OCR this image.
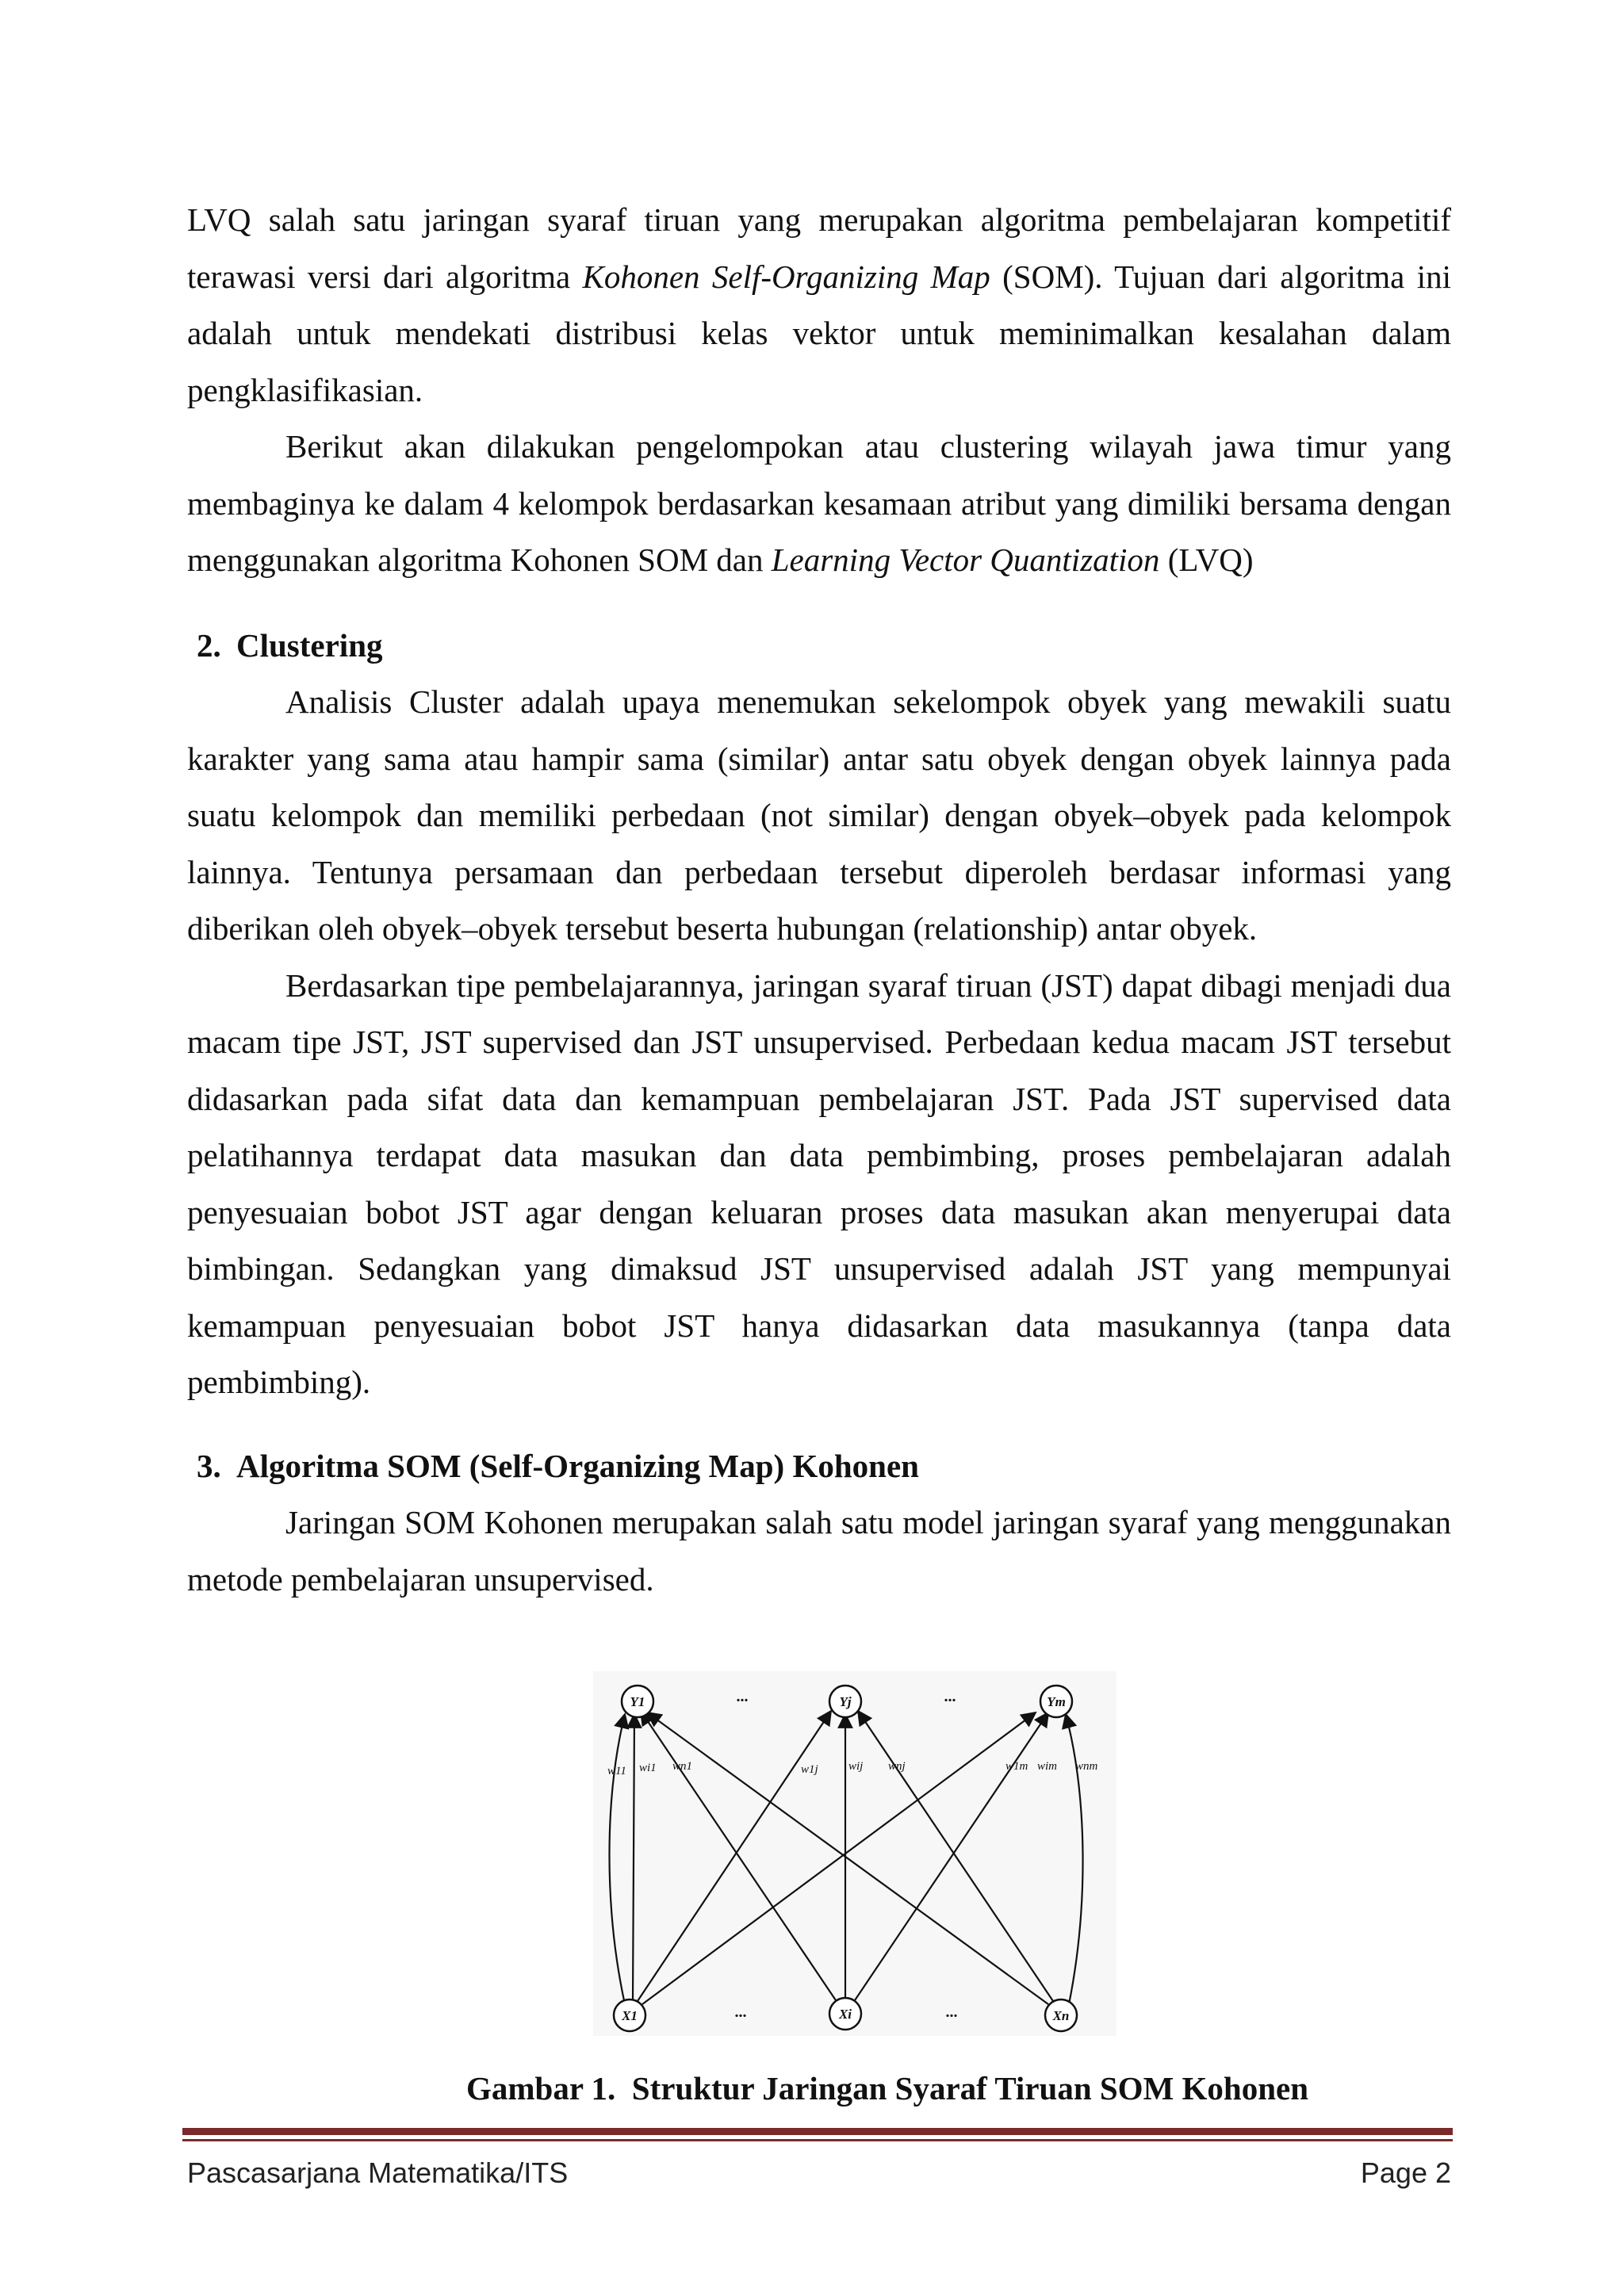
LVQ salah satu jaringan syaraf tiruan yang merupakan algoritma pembelajaran kompetitif terawasi versi dari algoritma Kohonen Self-Organizing Map (SOM). Tujuan dari algoritma ini adalah untuk mendekati distribusi kelas vektor untuk meminimalkan kesalahan dalam pengklasifikasian.

Berikut akan dilakukan pengelompokan atau clustering wilayah jawa timur yang membaginya ke dalam 4 kelompok berdasarkan kesamaan atribut yang dimiliki bersama dengan menggunakan algoritma Kohonen SOM dan Learning Vector Quantization (LVQ)

2. Clustering

Analisis Cluster adalah upaya menemukan sekelompok obyek yang mewakili suatu karakter yang sama atau hampir sama (similar) antar satu obyek dengan obyek lainnya pada suatu kelompok dan memiliki perbedaan (not similar) dengan obyek–obyek pada kelompok lainnya. Tentunya persamaan dan perbedaan tersebut diperoleh berdasar informasi yang diberikan oleh obyek–obyek tersebut beserta hubungan (relationship) antar obyek.

Berdasarkan tipe pembelajarannya, jaringan syaraf tiruan (JST) dapat dibagi menjadi dua macam tipe JST, JST supervised dan JST unsupervised. Perbedaan kedua macam JST tersebut didasarkan pada sifat data dan kemampuan pembelajaran JST. Pada JST supervised data pelatihannya terdapat data masukan dan data pembimbing, proses pembelajaran adalah penyesuaian bobot JST agar dengan keluaran proses data masukan akan menyerupai data bimbingan. Sedangkan yang dimaksud JST unsupervised adalah JST yang mempunyai kemampuan penyesuaian bobot JST hanya didasarkan data masukannya (tanpa data pembimbing).

3. Algoritma SOM (Self-Organizing Map) Kohonen

Jaringan SOM Kohonen merupakan salah satu model jaringan syaraf yang menggunakan metode pembelajaran unsupervised.

w11 wi1 wn1	w1j	wij wnj	w1m wim wnm
Y1	Yj	Ym
X1	Xi	Xn
...	...
...	...
Gambar 1.  Struktur Jaringan Syaraf Tiruan SOM Kohonen
Pascasarjana Matematika/ITS	Page 2
